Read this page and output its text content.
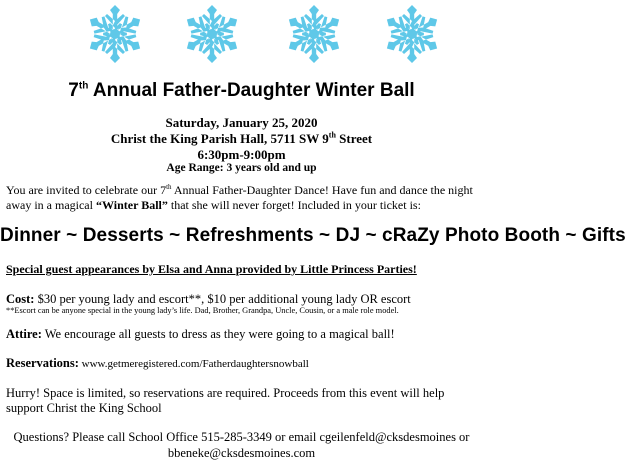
7th Annual Father-Daughter Winter Ball
Saturday, January 25, 2020
Christ the King Parish Hall, 5711 SW 9th Street
6:30pm-9:00pm
Age Range: 3 years old and up
You are invited to celebrate our 7th Annual Father-Daughter Dance! Have fun and dance the night away in a magical “Winter Ball” that she will never forget! Included in your ticket is:
Dinner ~ Desserts ~ Refreshments ~ DJ ~ cRaZy Photo Booth ~ Gifts
Special guest appearances by Elsa and Anna provided by Little Princess Parties!
Cost: $30 per young lady and escort**, $10 per additional young lady OR escort
**Escort can be anyone special in the young lady’s life. Dad, Brother, Grandpa, Uncle, Cousin, or a male role model.
Attire: We encourage all guests to dress as they were going to a magical ball!
Reservations: www.getmeregistered.com/Fatherdaughtersnowball
Hurry! Space is limited, so reservations are required. Proceeds from this event will help support Christ the King School
Questions? Please call School Office 515-285-3349 or email cgeilenfeld@cksdesmoines or
bbeneke@cksdesmoines.com
